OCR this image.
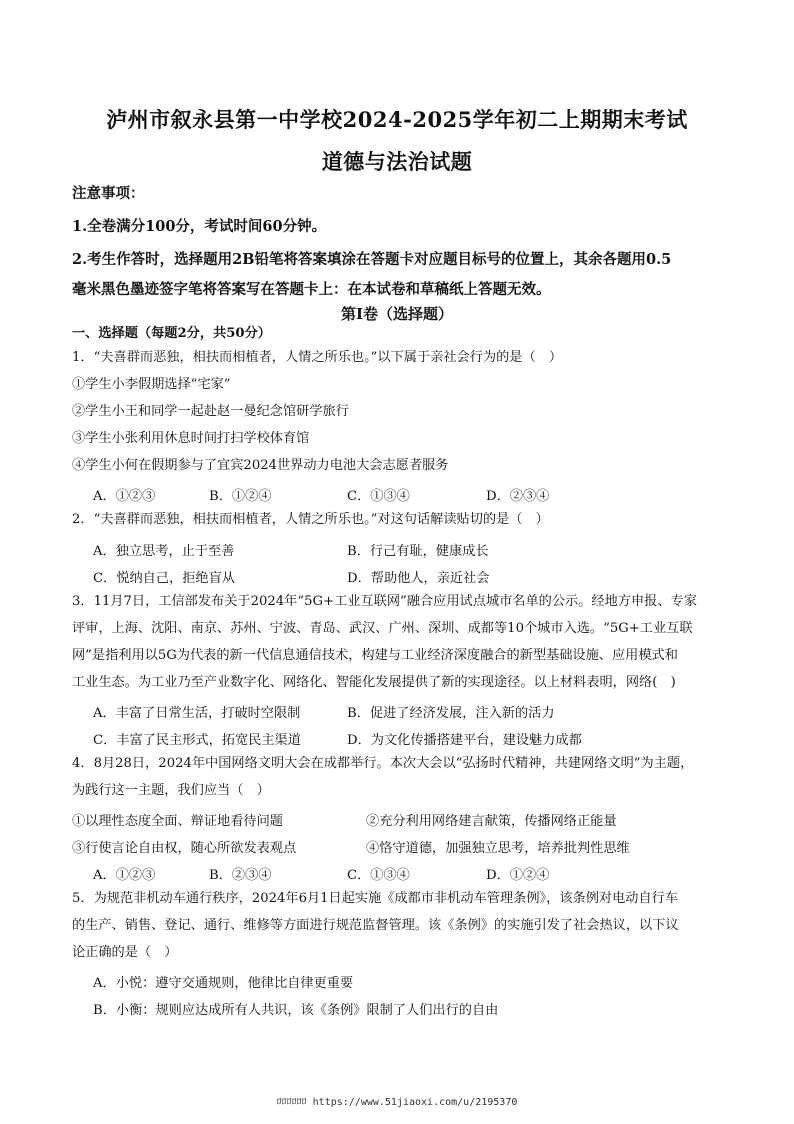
泸州市叙永县第一中学校2024-2025学年初二上期期末考试
道德与法治试题
注意事项：
1.全卷满分100分，考试时间60分钟。
2.考生作答时，选择题用2B铅笔将答案填涂在答题卡对应题目标号的位置上，其余各题用0.5
毫米黑色墨迹签字笔将答案写在答题卡上：在本试卷和草稿纸上答题无效。
第Ⅰ卷（选择题）
一、选择题（每题2分，共50分）
1．“夫喜群而恶独，相扶而相植者，人情之所乐也。”以下属于亲社会行为的是（　）
①学生小李假期选择“宅家”
②学生小王和同学一起赴赵一曼纪念馆研学旅行
③学生小张利用休息时间打扫学校体育馆
④学生小何在假期参与了宜宾2024世界动力电池大会志愿者服务
A．①②③	B．①②④	C．①③④	D．②③④
2．“夫喜群而恶独，相扶而相植者，人情之所乐也。”对这句话解读贴切的是（　）
A．独立思考，止于至善	B．行己有耻，健康成长
C．悦纳自己，拒绝盲从	D．帮助他人，亲近社会
3．11月7日，工信部发布关于2024年“5G+工业互联网”融合应用试点城市名单的公示。经地方申报、专家
评审，上海、沈阳、南京、苏州、宁波、青岛、武汉、广州、深圳、成都等10个城市入选。“5G+工业互联
网”是指利用以5G为代表的新一代信息通信技术，构建与工业经济深度融合的新型基础设施、应用模式和
工业生态。为工业乃至产业数字化、网络化、智能化发展提供了新的实现途径。以上材料表明，网络(　)
A．丰富了日常生活，打破时空限制	B．促进了经济发展，注入新的活力
C．丰富了民主形式，拓宽民主渠道	D．为文化传播搭建平台，建设魅力成都
4．8月28日，2024年中国网络文明大会在成都举行。本次大会以“弘扬时代精神，共建网络文明”为主题，
为践行这一主题，我们应当（　）
①以理性态度全面、辩证地看待问题	②充分利用网络建言献策，传播网络正能量
③行使言论自由权，随心所欲发表观点	④恪守道德，加强独立思考，培养批判性思维
A．①②③	B．②③④	C．①③④	D．①②④
5．为规范非机动车通行秩序，2024年6月1日起实施《成都市非机动车管理条例》，该条例对电动自行车
的生产、销售、登记、通行、维修等方面进行规范监督管理。该《条例》的实施引发了社会热议，以下议
论正确的是（　）
A．小悦：遵守交通规则，他律比自律更重要
B．小衡：规则应达成所有人共识，该《条例》限制了人们出行的自由
ﾛﾛﾛﾛﾛﾛ https://www.51jiaoxi.com/u/2195370
